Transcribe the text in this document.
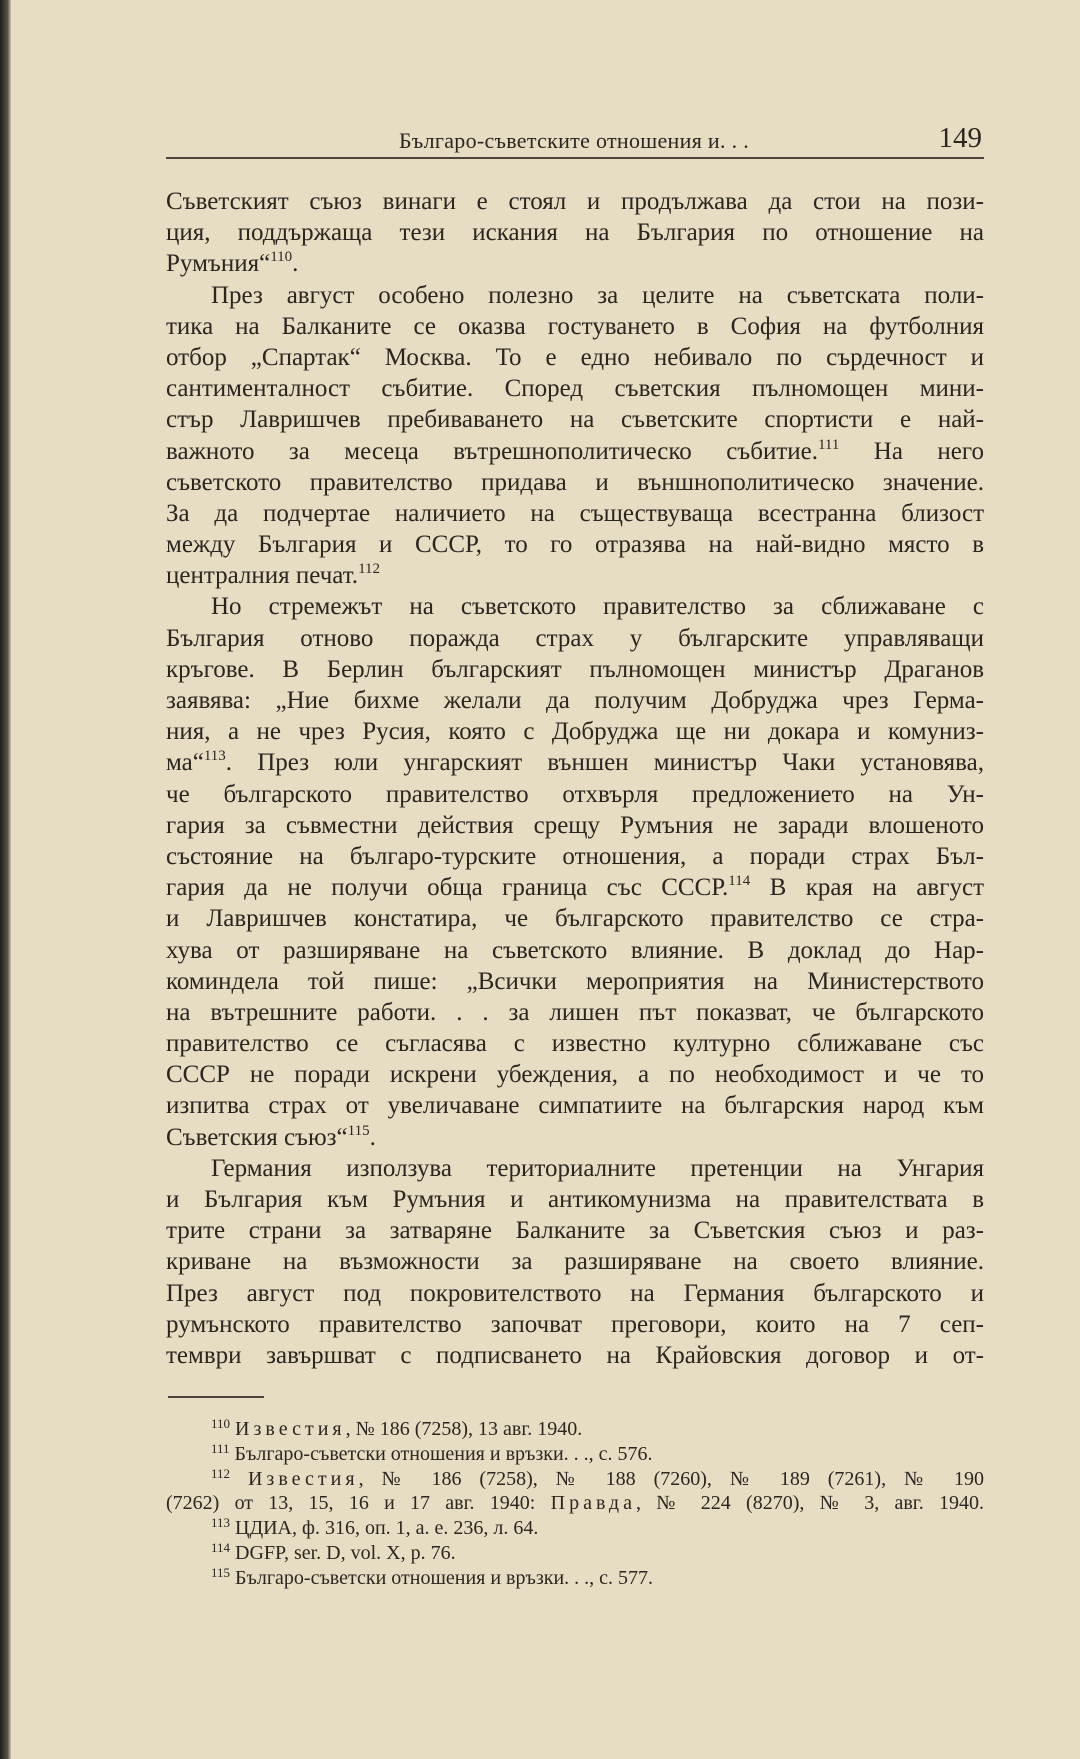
Българо-съветските отношения и. . .	149
Съветският съюз винаги е стоял и продължава да стои на пози-
ция, поддържаща тези искания на България по отношение на
Румъния“$^{110}$.
През август особено полезно за целите на съветската поли-
тика на Балканите се оказва гостуването в София на футболния
отбор „Спартак“ Москва. То е едно небивало по сърдечност и
сантименталност събитие. Според съветския пълномощен мини-
стър Лавришчев пребиваването на съветските спортисти е най-
важното за месеца вътрешнополитическо събитие.$^{111}$ На него
съветското правителство придава и външнополитическо значение.
За да подчертае наличието на съществуваща всестранна близост
между България и СССР, то го отразява на най-видно място в
централния печат.$^{112}$
Но стремежът на съветското правителство за сближаване с
България отново поражда страх у българските управляващи
кръгове. В Берлин българският пълномощен министър Драганов
заявява: „Ние бихме желали да получим Добруджа чрез Герма-
ния, а не чрез Русия, която с Добруджа ще ни докара и комуниз-
ма“$^{113}$. През юли унгарският външен министър Чаки установява,
че българското правителство отхвърля предложението на Ун-
гария за съвместни действия срещу Румъния не заради влошеното
състояние на българо-турските отношения, а поради страх Бъл-
гария да не получи обща граница със СССР.$^{114}$ В края на август
и Лавришчев констатира, че българското правителство се стра-
хува от разширяване на съветското влияние. В доклад до Нар-
коминдела той пише: „Всички мероприятия на Министерството
на вътрешните работи. . . за лишен път показват, че българското
правителство се съгласява с известно културно сближаване със
СССР не поради искрени убеждения, а по необходимост и че то
изпитва страх от увеличаване симпатиите на българския народ към
Съветския съюз“$^{115}$.
Германия използува териториалните претенции на Унгария
и България към Румъния и антикомунизма на правителствата в
трите страни за затваряне Балканите за Съветския съюз и раз-
криване на възможности за разширяване на своето влияние.
През август под покровителството на Германия българското и
румънското правителство започват преговори, които на 7 сеп-
тември завършват с подписването на Крайовския договор и от-
$^{110}$ Известия, № 186 (7258), 13 авг. 1940.
$^{111}$ Българо-съветски отношения и връзки. . ., с. 576.
$^{112}$ Известия, № 186 (7258), № 188 (7260), № 189 (7261), № 190
(7262) от 13, 15, 16 и 17 авг. 1940: Правда, № 224 (8270), № 3, авг. 1940.
$^{113}$ ЦДИА, ф. 316, оп. 1, а. е. 236, л. 64.
$^{114}$ DGFP, ser. D, vol. X, p. 76.
$^{115}$ Българо-съветски отношения и връзки. . ., с. 577.
